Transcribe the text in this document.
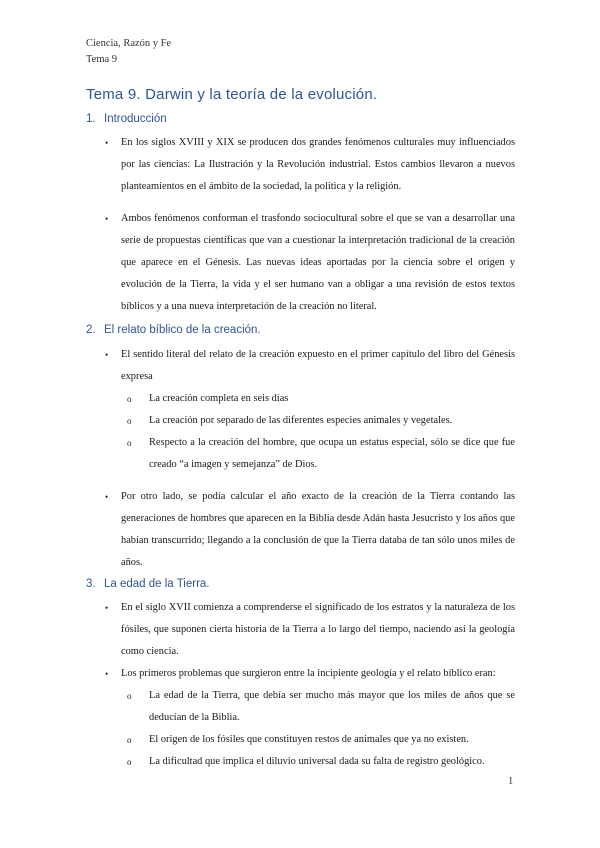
Ciencia, Razón y Fe
Tema 9
Tema 9. Darwin y la teoría de la evolución.
1. Introducción
• En los siglos XVIII y XIX se producen dos grandes fenómenos culturales muy influenciados por las ciencias: La Ilustración y la Revolución industrial. Estos cambios llevaron a nuevos planteamientos en el ámbito de la sociedad, la política y la religión.
• Ambos fenómenos conforman el trasfondo sociocultural sobre el que se van a desarrollar una serie de propuestas científicas que van a cuestionar la interpretación tradicional de la creación que aparece en el Génesis. Las nuevas ideas aportadas por la ciencia sobre el origen y evolución de la Tierra, la vida y el ser humano van a obligar a una revisión de estos textos bíblicos y a una nueva interpretación de la creación no literal.
2. El relato bíblico de la creación.
• El sentido literal del relato de la creación expuesto en el primer capítulo del libro del Génesis expresa
o La creación completa en seis días
o La creación por separado de las diferentes especies animales y vegetales.
o Respecto a la creación del hombre, que ocupa un estatus especial, sólo se dice que fue creado “a imagen y semejanza” de Dios.
• Por otro lado, se podía calcular el año exacto de la creación de la Tierra contando las generaciones de hombres que aparecen en la Biblia desde Adán hasta Jesucristo y los años que habían transcurrido; llegando a la conclusión de que la Tierra databa de tan sólo unos miles de años.
3. La edad de la Tierra.
• En el siglo XVII comienza a comprenderse el significado de los estratos y la naturaleza de los fósiles, que suponen cierta historia de la Tierra a lo largo del tiempo, naciendo así la geología como ciencia.
• Los primeros problemas que surgieron entre la incipiente geología y el relato bíblico eran:
o La edad de la Tierra, que debía ser mucho más mayor que los miles de años que se deducían de la Biblia.
o El origen de los fósiles que constituyen restos de animales que ya no existen.
o La dificultad que implica el diluvio universal dada su falta de registro geológico.
1
